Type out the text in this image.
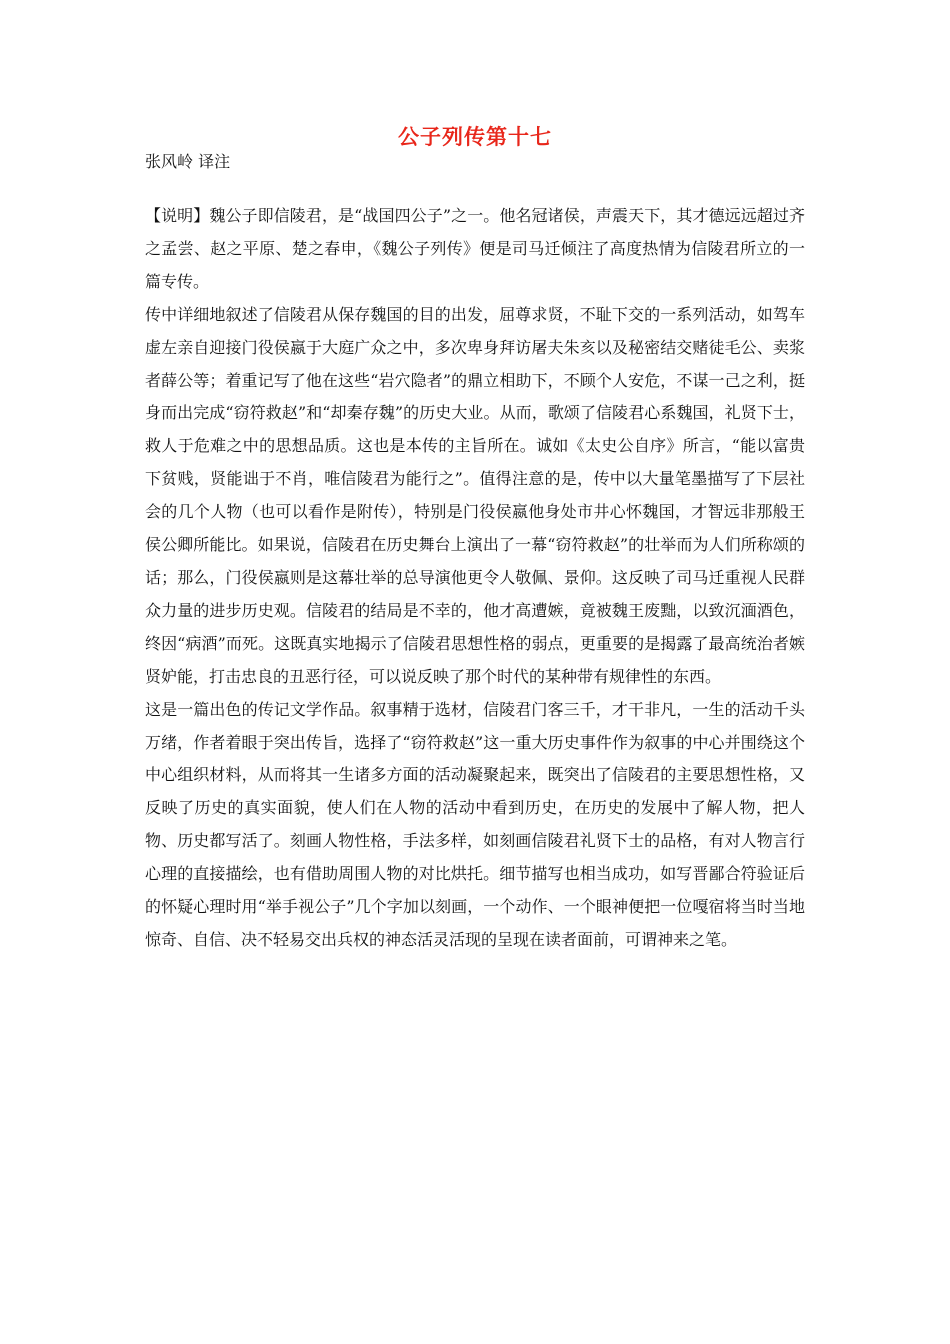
公子列传第十七
张风岭 译注

【说明】魏公子即信陵君，是“战国四公子”之一。他名冠诸侯，声震天下，其才德远远超过齐之孟尝、赵之平原、楚之春申，《魏公子列传》便是司马迁倾注了高度热情为信陵君所立的一篇专传。

传中详细地叙述了信陵君从保存魏国的目的出发，屈尊求贤，不耻下交的一系列活动，如驾车虚左亲自迎接门役侯嬴于大庭广众之中，多次卑身拜访屠夫朱亥以及秘密结交赌徒毛公、卖浆者薛公等；着重记写了他在这些“岩穴隐者”的鼎立相助下，不顾个人安危，不谋一己之利，挺身而出完成“窃符救赵”和“却秦存魏”的历史大业。从而，歌颂了信陵君心系魏国，礼贤下士，救人于危难之中的思想品质。这也是本传的主旨所在。诚如《太史公自序》所言，“能以富贵下贫贱，贤能诎于不肖，唯信陵君为能行之”。值得注意的是，传中以大量笔墨描写了下层社会的几个人物（也可以看作是附传），特别是门役侯嬴他身处市井心怀魏国，才智远非那般王侯公卿所能比。如果说，信陵君在历史舞台上演出了一幕“窃符救赵”的壮举而为人们所称颂的话；那么，门役侯嬴则是这幕壮举的总导演他更令人敬佩、景仰。这反映了司马迁重视人民群众力量的进步历史观。信陵君的结局是不幸的，他才高遭嫉，竟被魏王废黜，以致沉湎酒色，终因“病酒”而死。这既真实地揭示了信陵君思想性格的弱点，更重要的是揭露了最高统治者嫉贤妒能，打击忠良的丑恶行径，可以说反映了那个时代的某种带有规律性的东西。

这是一篇出色的传记文学作品。叙事精于选材，信陵君门客三千，才干非凡，一生的活动千头万绪，作者着眼于突出传旨，选择了“窃符救赵”这一重大历史事件作为叙事的中心并围绕这个中心组织材料，从而将其一生诸多方面的活动凝聚起来，既突出了信陵君的主要思想性格，又反映了历史的真实面貌，使人们在人物的活动中看到历史，在历史的发展中了解人物，把人物、历史都写活了。刻画人物性格，手法多样，如刻画信陵君礼贤下士的品格，有对人物言行心理的直接描绘，也有借助周围人物的对比烘托。细节描写也相当成功，如写晋鄙合符验证后的怀疑心理时用“举手视公子”几个字加以刻画，一个动作、一个眼神便把一位嘎宿将当时当地惊奇、自信、决不轻易交出兵权的神态活灵活现的呈现在读者面前，可谓神来之笔。
